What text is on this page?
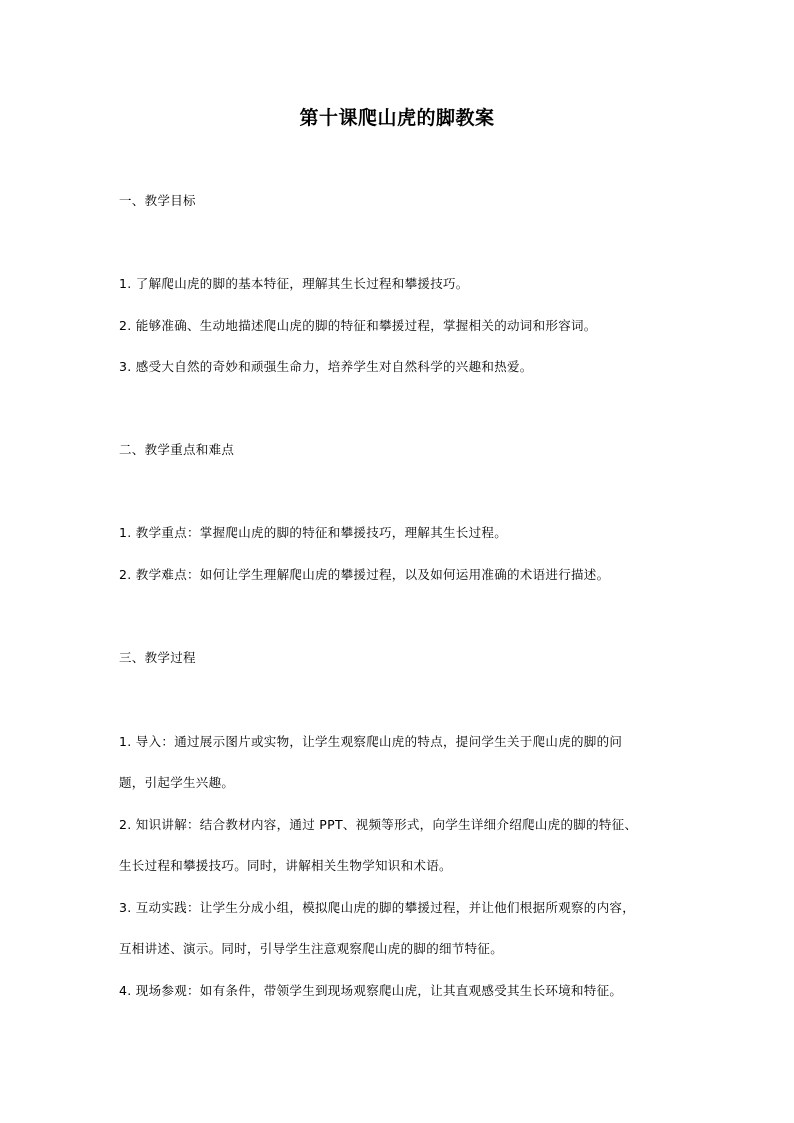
第十课爬山虎的脚教案
一、教学目标
1. 了解爬山虎的脚的基本特征，理解其生长过程和攀援技巧。
2. 能够准确、生动地描述爬山虎的脚的特征和攀援过程，掌握相关的动词和形容词。
3. 感受大自然的奇妙和顽强生命力，培养学生对自然科学的兴趣和热爱。
二、教学重点和难点
1. 教学重点：掌握爬山虎的脚的特征和攀援技巧，理解其生长过程。
2. 教学难点：如何让学生理解爬山虎的攀援过程，以及如何运用准确的术语进行描述。
三、教学过程
1. 导入：通过展示图片或实物，让学生观察爬山虎的特点，提问学生关于爬山虎的脚的问
题，引起学生兴趣。
2. 知识讲解：结合教材内容，通过 PPT、视频等形式，向学生详细介绍爬山虎的脚的特征、
生长过程和攀援技巧。同时，讲解相关生物学知识和术语。
3. 互动实践：让学生分成小组，模拟爬山虎的脚的攀援过程，并让他们根据所观察的内容，
互相讲述、演示。同时，引导学生注意观察爬山虎的脚的细节特征。
4. 现场参观：如有条件，带领学生到现场观察爬山虎，让其直观感受其生长环境和特征。
